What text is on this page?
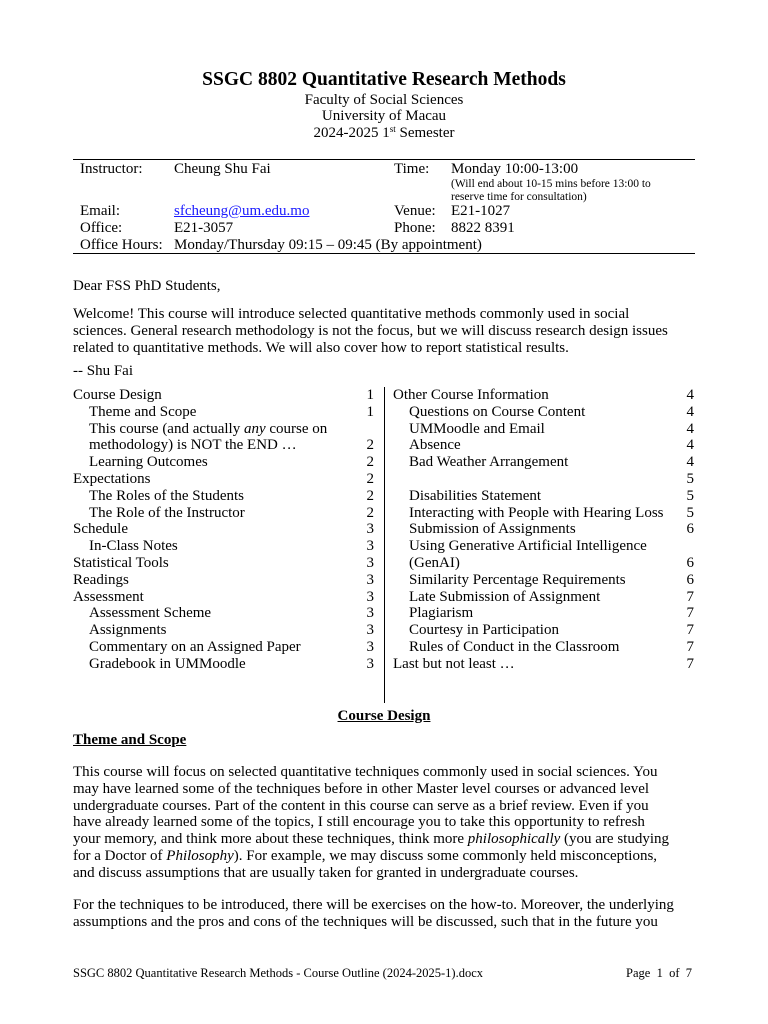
SSGC 8802 Quantitative Research Methods
Faculty of Social Sciences
University of Macau
2024-2025 1st Semester
Instructor: Cheung Shu Fai	Time: Monday 10:00-13:00
(Will end about 10-15 mins before 13:00 to
reserve time for consultation)
Email:	sfcheung@um.edu.mo	Venue: E21-1027
Office:	E21-3057	Phone: 8822 8391
Office Hours: Monday/Thursday 09:15 – 09:45 (By appointment)
Dear FSS PhD Students,
Welcome! This course will introduce selected quantitative methods commonly used in social
sciences. General research methodology is not the focus, but we will discuss research design issues
related to quantitative methods. We will also cover how to report statistical results.
-- Shu Fai
Course Design	1
Theme and Scope	1
This course (and actually any course on
methodology) is NOT the END …	2
Learning Outcomes	2
Expectations	2
The Roles of the Students	2
The Role of the Instructor	2
Schedule	3
In-Class Notes	3
Statistical Tools	3
Readings	3
Assessment	3
Assessment Scheme	3
Assignments	3
Commentary on an Assigned Paper	3
Gradebook in UMMoodle	3
Other Course Information	4
Questions on Course Content	4
UMMoodle and Email	4
Absence	4
Bad Weather Arrangement	4
5
Disabilities Statement	5
Interacting with People with Hearing Loss	5
Submission of Assignments	6
Using Generative Artificial Intelligence
(GenAI)	6
Similarity Percentage Requirements	6
Late Submission of Assignment	7
Plagiarism	7
Courtesy in Participation	7
Rules of Conduct in the Classroom	7
Last but not least …	7
Course Design
Theme and Scope
This course will focus on selected quantitative techniques commonly used in social sciences. You
may have learned some of the techniques before in other Master level courses or advanced level
undergraduate courses. Part of the content in this course can serve as a brief review. Even if you
have already learned some of the topics, I still encourage you to take this opportunity to refresh
your memory, and think more about these techniques, think more philosophically (you are studying
for a Doctor of Philosophy). For example, we may discuss some commonly held misconceptions,
and discuss assumptions that are usually taken for granted in undergraduate courses.
For the techniques to be introduced, there will be exercises on the how-to. Moreover, the underlying
assumptions and the pros and cons of the techniques will be discussed, such that in the future you
SSGC 8802 Quantitative Research Methods - Course Outline (2024-2025-1).docx	Page 1 of 7
